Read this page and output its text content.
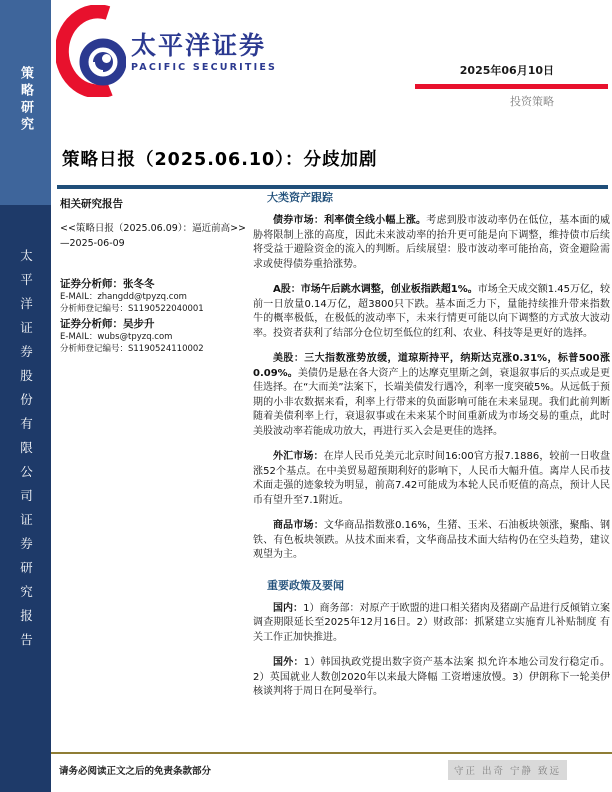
策略研究
太平洋证券股份有限公司证券研究报告
太平洋证券
PACIFIC SECURITIES	2025年06月10日
投资策略
策略日报（2025.06.10）：分歧加剧
相关研究报告
<<策略日报（2025.06.09）：逼近前高>>—2025-06-09
证券分析师：张冬冬
E-MAIL：zhangdd@tpyzq.com
分析师登记编号：S1190522040001
证券分析师：吴步升
E-MAIL：wubs@tpyzq.com
分析师登记编号：S1190524110002
大类资产跟踪

债券市场：利率债全线小幅上涨。考虑到股市波动率仍在低位，基本面的威胁将限制上涨的高度，因此未来波动率的抬升更可能是向下调整，维持债市后续将受益于避险资金的流入的判断。后续展望：股市波动率可能抬高，资金避险需求或使得债券重拾涨势。

A股：市场午后跳水调整，创业板指跌超1%。市场全天成交额1.45万亿，较前一日放量0.14万亿，超3800只下跌。基本面乏力下，量能持续推升带来指数牛的概率极低，在极低的波动率下，未来行情更可能以向下调整的方式放大波动率。投资者获利了结部分仓位切至低位的红利、农业、科技等是更好的选择。

美股：三大指数涨势放缓，道琼斯持平，纳斯达克涨0.31%，标普500涨0.09%。美债仍是悬在各大资产上的达摩克里斯之剑，衰退叙事后的买点或是更佳选择。在“大而美”法案下，长端美债发行遇冷，利率一度突破5%。从远低于预期的小非农数据来看，利率上行带来的负面影响可能在未来显现。我们此前判断随着美债利率上行，衰退叙事或在未来某个时间重新成为市场交易的重点，此时美股波动率若能成功放大，再进行买入会是更佳的选择。

外汇市场：在岸人民币兑美元北京时间16:00官方报7.1886，较前一日收盘涨52个基点。在中美贸易超预期利好的影响下，人民币大幅升值。离岸人民币技术面走强的迹象较为明显，前高7.42可能成为本轮人民币贬值的高点，预计人民币有望升至7.1附近。

商品市场：文华商品指数涨0.16%，生猪、玉米、石油板块领涨，聚酯、钢铁、有色板块领跌。从技术面来看，文华商品技术面大结构仍在空头趋势，建议观望为主。

重要政策及要闻

国内：1）商务部：对原产于欧盟的进口相关猪肉及猪副产品进行反倾销立案调查期限延长至2025年12月16日。2）财政部：抓紧建立实施育儿补贴制度 有关工作正加快推进。

国外：1）韩国执政党提出数字资产基本法案 拟允许本地公司发行稳定币。2）英国就业人数创2020年以来最大降幅 工资增速放慢。3）伊朗称下一轮美伊核谈判将于周日在阿曼举行。

请务必阅读正文之后的免责条款部分	守正 出奇 宁静 致远
